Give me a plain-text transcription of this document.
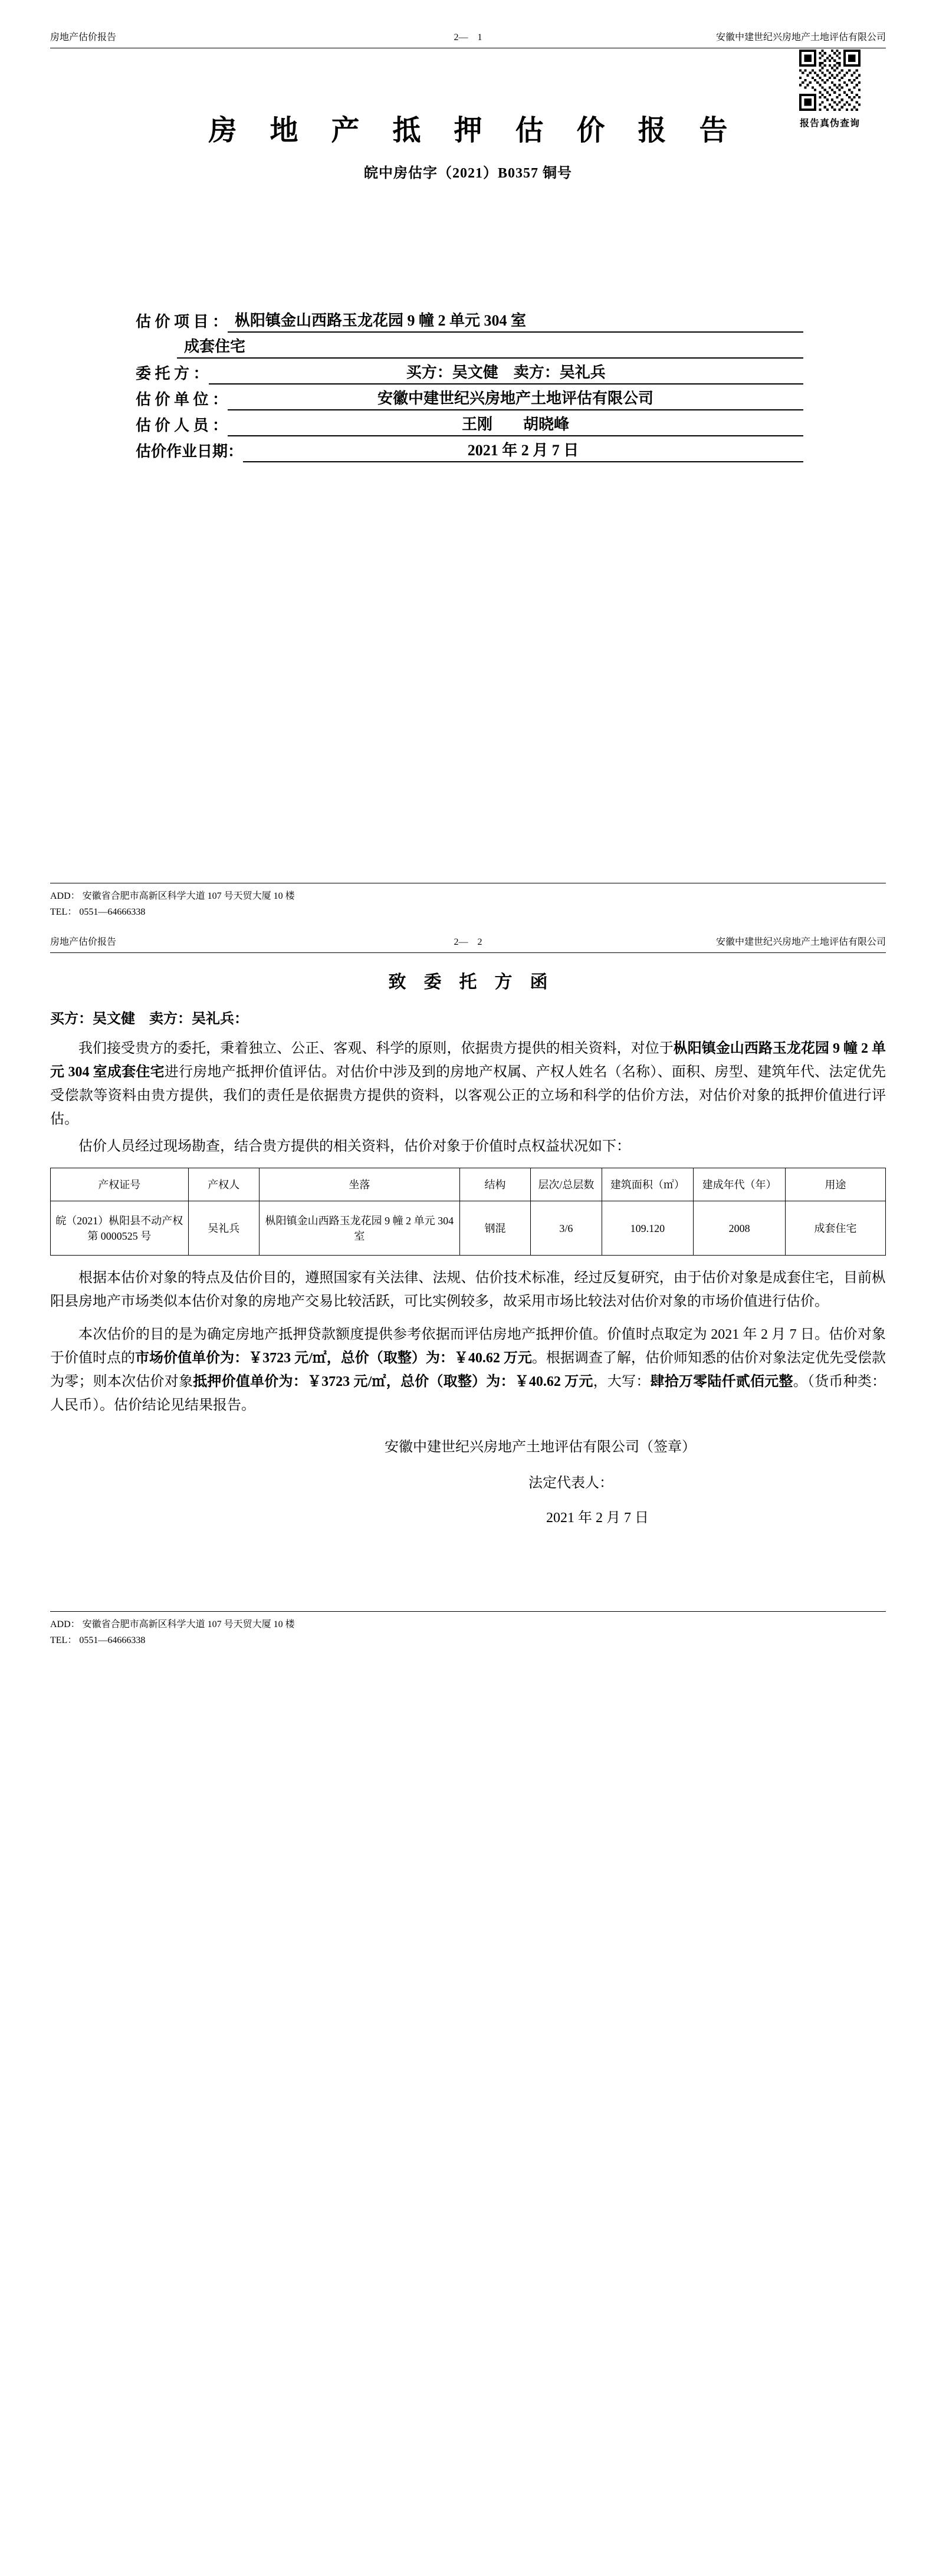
房地产估价报告	2—　1	安徽中建世纪兴房地产土地评估有限公司
报告真伪查询
房 地 产 抵 押 估 价 报 告
皖中房估字（2021）B0357 铜号
估 价 项 目 ： 枞阳镇金山西路玉龙花园 9 幢 2 单元 304 室
成套住宅
委 托 方 ：	买方：吴文健　卖方：吴礼兵
估 价 单 位 ：	安徽中建世纪兴房地产土地评估有限公司
估 价 人 员 ：	王刚　　胡晓峰
估价作业日期：	2021 年 2 月 7 日
ADD： 安徽省合肥市高新区科学大道 107 号天贸大厦 10 楼
TEL： 0551—64666338
房地产估价报告	2—　2	安徽中建世纪兴房地产土地评估有限公司
致　委　托　方　函
买方：吴文健　卖方：吴礼兵：

我们接受贵方的委托，秉着独立、公正、客观、科学的原则，依据贵方提供的相关资料，对位于枞阳镇金山西路玉龙花园 9 幢 2 单元 304 室成套住宅进行房地产抵押价值评估。对估价中涉及到的房地产权属、产权人姓名（名称）、面积、房型、建筑年代、法定优先受偿款等资料由贵方提供，我们的责任是依据贵方提供的资料，以客观公正的立场和科学的估价方法，对估价对象的抵押价值进行评估。

估价人员经过现场勘查，结合贵方提供的相关资料，估价对象于价值时点权益状况如下：

产权证号	产权人	坐落	结构	层次/总层数	建筑面积（㎡）	建成年代（年）	用途
皖（2021）枞阳县不动产权第 0000525 号	吴礼兵	枞阳镇金山西路玉龙花园 9 幢 2 单元 304 室	钢混	3/6	109.120	2008	成套住宅

根据本估价对象的特点及估价目的，遵照国家有关法律、法规、估价技术标准，经过反复研究，由于估价对象是成套住宅，目前枞阳县房地产市场类似本估价对象的房地产交易比较活跃，可比实例较多，故采用市场比较法对估价对象的市场价值进行估价。

本次估价的目的是为确定房地产抵押贷款额度提供参考依据而评估房地产抵押价值。价值时点取定为 2021 年 2 月 7 日。估价对象于价值时点的市场价值单价为：￥3723 元/㎡，总价（取整）为：￥40.62 万元。根据调查了解，估价师知悉的估价对象法定优先受偿款为零；则本次估价对象抵押价值单价为：￥3723 元/㎡，总价（取整）为：￥40.62 万元，大写：肆拾万零陆仟贰佰元整。（货币种类：人民币）。估价结论见结果报告。

安徽中建世纪兴房地产土地评估有限公司（签章）
法定代表人：
2021 年 2 月 7 日
ADD： 安徽省合肥市高新区科学大道 107 号天贸大厦 10 楼
TEL： 0551—64666338
